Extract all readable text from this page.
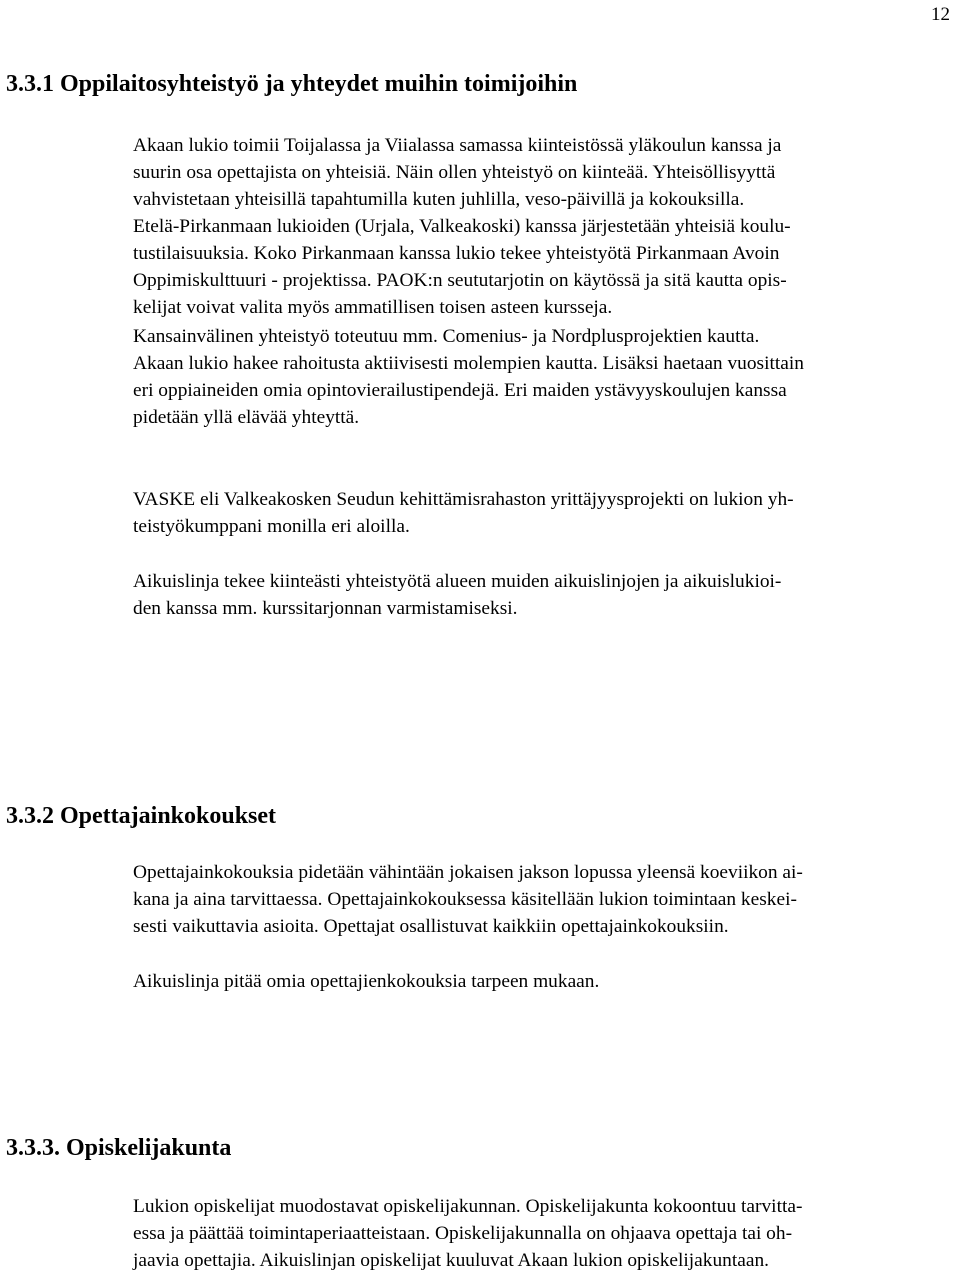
12
3.3.1 Oppilaitosyhteistyö ja yhteydet muihin toimijoihin

Akaan lukio toimii Toijalassa ja Viialassa samassa kiinteistössä yläkoulun kanssa ja
suurin osa opettajista on yhteisiä. Näin ollen yhteistyö on kiinteää. Yhteisöllisyyttä
vahvistetaan yhteisillä tapahtumilla kuten juhlilla, veso-päivillä ja kokouksilla.
Etelä-Pirkanmaan lukioiden (Urjala, Valkeakoski) kanssa järjestetään yhteisiä koulu-
tustilaisuuksia. Koko Pirkanmaan kanssa lukio tekee yhteistyötä Pirkanmaan Avoin
Oppimiskulttuuri - projektissa. PAOK:n seututarjotin on käytössä ja sitä kautta opis-
kelijat voivat valita myös ammatillisen toisen asteen kursseja.

Kansainvälinen yhteistyö toteutuu mm. Comenius- ja Nordplusprojektien kautta.
Akaan lukio hakee rahoitusta aktiivisesti molempien kautta. Lisäksi haetaan vuosittain
eri oppiaineiden omia opintovierailustipendejä. Eri maiden ystävyyskoulujen kanssa
pidetään yllä elävää yhteyttä.

VASKE eli Valkeakosken Seudun kehittämisrahaston yrittäjyysprojekti on lukion yh-
teistyökumppani monilla eri aloilla.

Aikuislinja tekee kiinteästi yhteistyötä alueen muiden aikuislinjojen ja aikuislukioi-
den kanssa mm. kurssitarjonnan varmistamiseksi.

3.3.2 Opettajainkokoukset

Opettajainkokouksia pidetään vähintään jokaisen jakson lopussa yleensä koeviikon ai-
kana ja aina tarvittaessa. Opettajainkokouksessa käsitellään lukion toimintaan keskei-
sesti vaikuttavia asioita. Opettajat osallistuvat kaikkiin opettajainkokouksiin.

Aikuislinja pitää omia opettajienkokouksia tarpeen mukaan.

3.3.3. Opiskelijakunta

Lukion opiskelijat muodostavat opiskelijakunnan. Opiskelijakunta kokoontuu tarvitta-
essa ja päättää toimintaperiaatteistaan. Opiskelijakunnalla on ohjaava opettaja tai oh-
jaavia opettajia. Aikuislinjan opiskelijat kuuluvat Akaan lukion opiskelijakuntaan.
